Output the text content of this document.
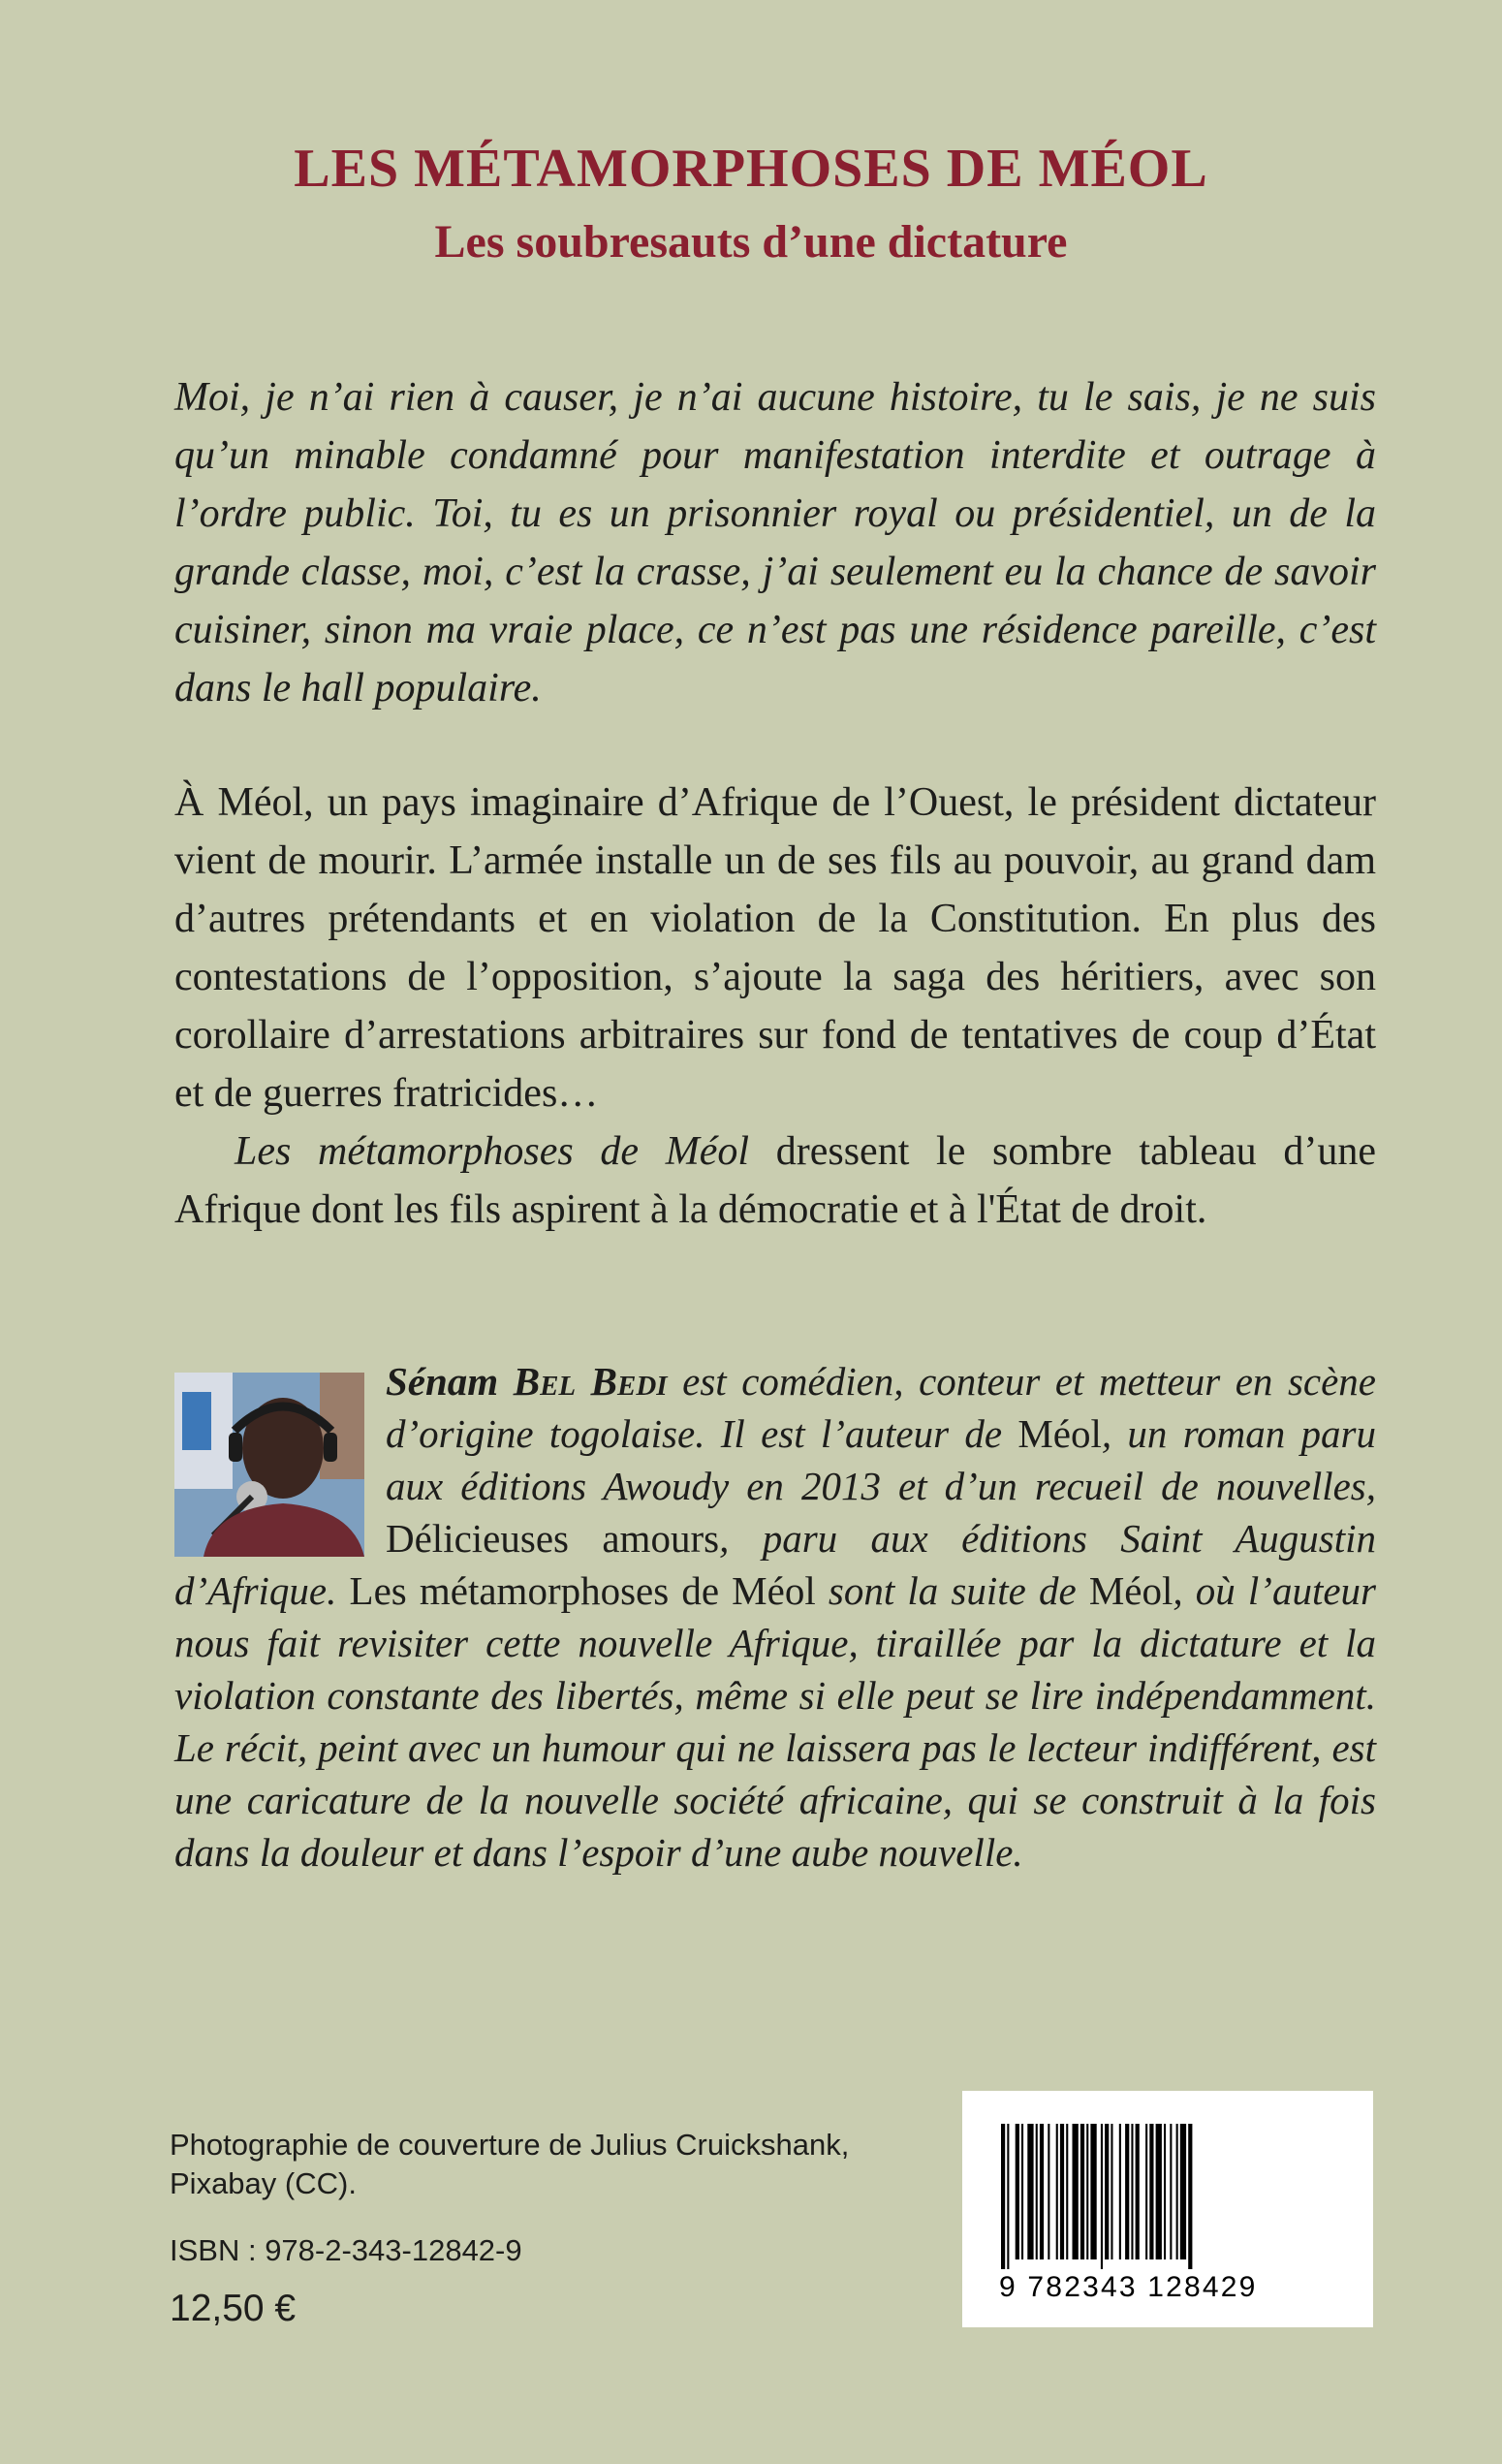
LES MÉTAMORPHOSES DE MÉOL
Les soubresauts d’une dictature

Moi, je n’ai rien à causer, je n’ai aucune histoire, tu le sais, je ne suis qu’un minable condamné pour manifestation interdite et outrage à l’ordre public. Toi, tu es un prisonnier royal ou présidentiel, un de la grande classe, moi, c’est la crasse, j’ai seulement eu la chance de savoir cuisiner, sinon ma vraie place, ce n’est pas une résidence pareille, c’est dans le hall populaire.

À Méol, un pays imaginaire d’Afrique de l’Ouest, le président dictateur vient de mourir. L’armée installe un de ses fils au pouvoir, au grand dam d’autres prétendants et en violation de la Constitution. En plus des contestations de l’opposition, s’ajoute la saga des héritiers, avec son corollaire d’arrestations arbitraires sur fond de tentatives de coup d’État et de guerres fratricides…

Les métamorphoses de Méol dressent le sombre tableau d’une Afrique dont les fils aspirent à la démocratie et à l'État de droit.

Sénam Bel Bedi est comédien, conteur et metteur en scène d’origine togolaise. Il est l’auteur de Méol, un roman paru aux éditions Awoudy en 2013 et d’un recueil de nouvelles, Délicieuses amours, paru aux éditions Saint Augustin d’Afrique. Les métamorphoses de Méol sont la suite de Méol, où l’auteur nous fait revisiter cette nouvelle Afrique, tiraillée par la dictature et la violation constante des libertés, même si elle peut se lire indépendamment. Le récit, peint avec un humour qui ne laissera pas le lecteur indifférent, est une caricature de la nouvelle société africaine, qui se construit à la fois dans la douleur et dans l’espoir d’une aube nouvelle.

Photographie de couverture de Julius Cruickshank,
Pixabay (CC).

ISBN : 978-2-343-12842-9

12,50 €

9 782343 128429
